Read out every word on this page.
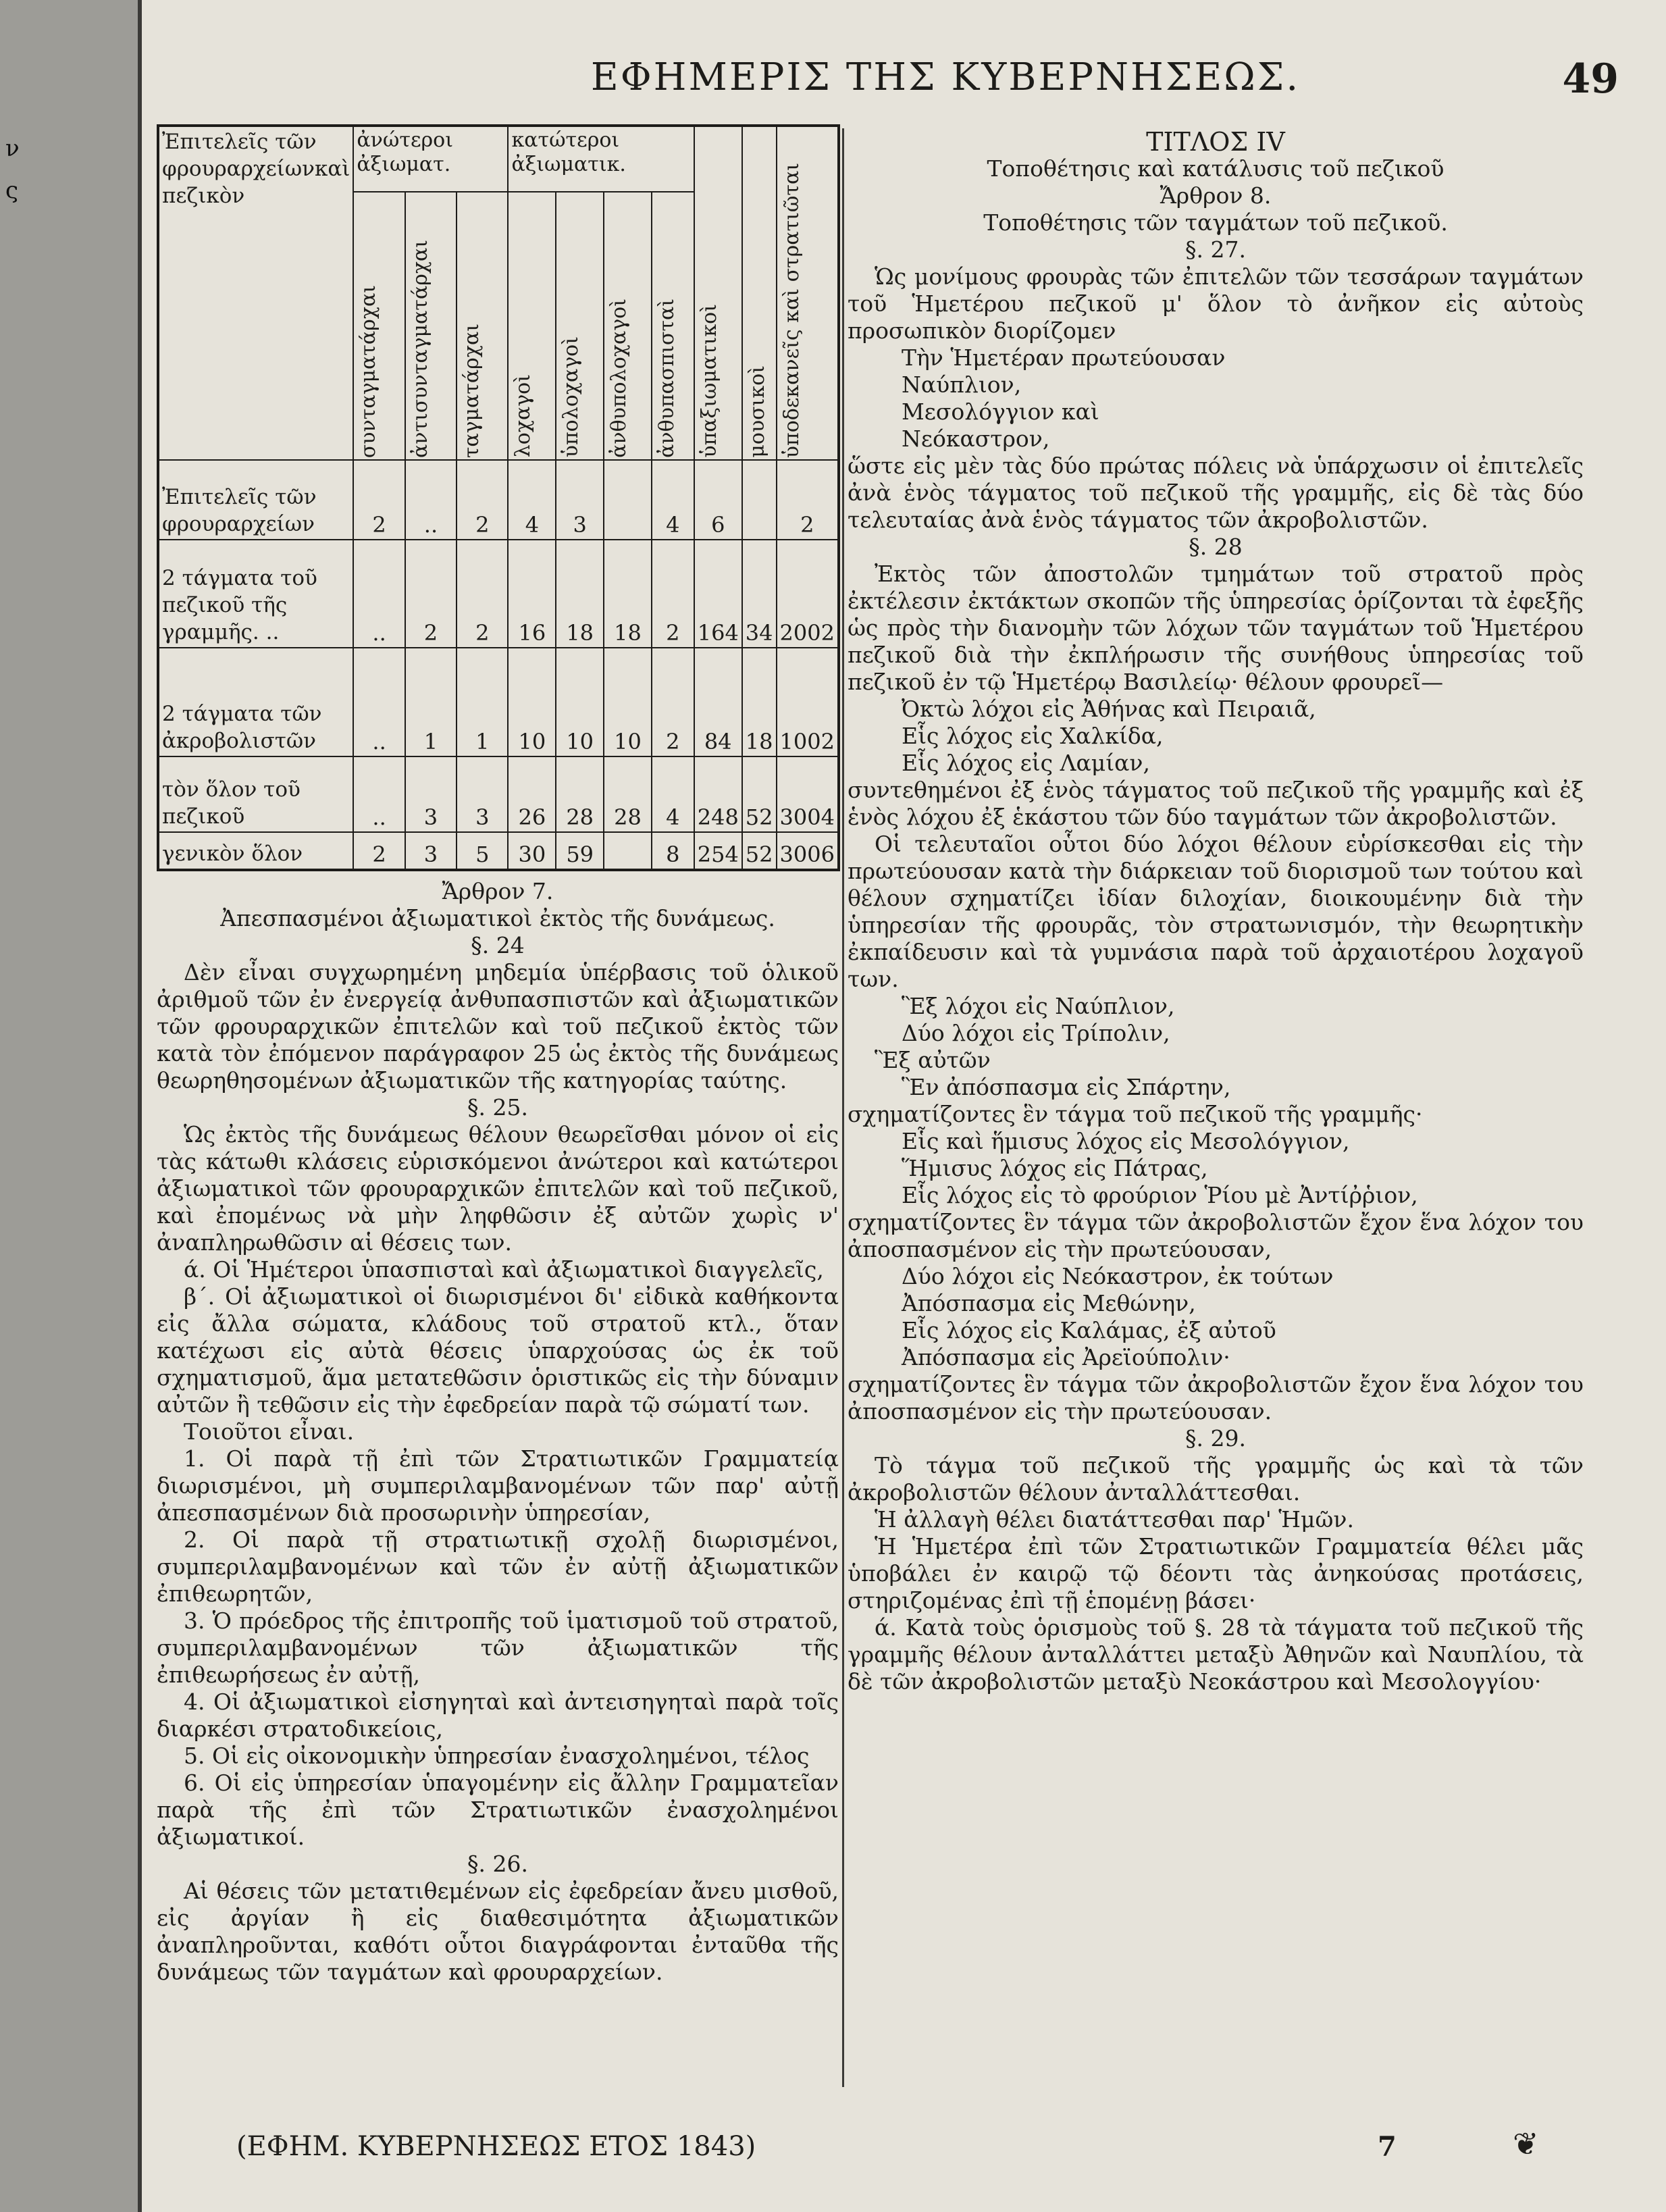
ν
ς
ΕΦΗΜΕΡΙΣ ΤΗΣ ΚΥΒΕΡΝΗΣΕΩΣ.	49
Ἐπιτελεῖς τῶν φρουραρχείωνκαὶ πεζικὸν	ἀνώτεροι ἀξιωματ.			κατώτεροι ἀξιωματικ.				ὑπαξιωματικοὶ	μουσικοὶ	ὑποδεκανεῖς καὶ στρατιῶται

	συνταγματάρχαι	ἀντισυνταγματάρχαι	ταγματάρχαι	λοχαγοὶ	ὑπολοχαγοὶ	ἀνθυπολοχαγοὶ	ἀνθυπασπισταὶ			

Ἐπιτελεῖς τῶν φρουραρχείων	2	..	2	4	3		4	6		2
2 τάγματα τοῦ πεζικοῦ τῆς γραμμῆς. ..	..	2	2	16	18	18	2	164	34	2002
2 τάγματα τῶν ἀκροβολιστῶν	..	1	1	10	10	10	2	84	18	1002
τὸν ὅλον τοῦ πεζικοῦ	..	3	3	26	28	28	4	248	52	3004
γενικὸν ὅλον	2	3	5	30	59		8	254	52	3006

Ἄρθρον 7.

Ἀπεσπασμένοι ἀξιωματικοὶ ἐκτὸς τῆς δυνάμεως.

§. 24

Δὲν εἶναι συγχωρημένη μηδεμία ὑπέρβασις τοῦ ὁλικοῦ ἀριθμοῦ τῶν ἐν ἐνεργείᾳ ἀνθυπασπιστῶν καὶ ἀξιωματικῶν τῶν φρουραρχικῶν ἐπιτελῶν καὶ τοῦ πεζικοῦ ἐκτὸς τῶν κατὰ τὸν ἐπόμενον παράγραφον 25 ὡς ἐκτὸς τῆς δυνάμεως θεωρηθησομένων ἀξιωματικῶν τῆς κατηγορίας ταύτης.

§. 25.

Ὡς ἐκτὸς τῆς δυνάμεως θέλουν θεωρεῖσθαι μόνον οἱ εἰς τὰς κάτωθι κλάσεις εὑρισκόμενοι ἀνώτεροι καὶ κατώτεροι ἀξιωματικοὶ τῶν φρουραρχικῶν ἐπιτελῶν καὶ τοῦ πεζικοῦ, καὶ ἐπομένως νὰ μὴν ληφθῶσιν ἐξ αὐτῶν χωρὶς ν' ἀναπληρωθῶσιν αἱ θέσεις των.

ά. Οἱ Ἡμέτεροι ὑπασπισταὶ καὶ ἀξιωματικοὶ διαγγελεῖς,

β΄. Οἱ ἀξιωματικοὶ οἱ διωρισμένοι δι' εἰδικὰ καθήκοντα εἰς ἄλλα σώματα, κλάδους τοῦ στρατοῦ κτλ., ὅταν κατέχωσι εἰς αὐτὰ θέσεις ὑπαρχούσας ὡς ἐκ τοῦ σχηματισμοῦ, ἅμα μετατεθῶσιν ὁριστικῶς εἰς τὴν δύναμιν αὐτῶν ἢ τεθῶσιν εἰς τὴν ἐφεδρείαν παρὰ τῷ σώματί των.

Τοιοῦτοι εἶναι.

1. Οἱ παρὰ τῇ ἐπὶ τῶν Στρατιωτικῶν Γραμματείᾳ διωρισμένοι, μὴ συμπεριλαμβανομένων τῶν παρ' αὐτῇ ἀπεσπασμένων διὰ προσωρινὴν ὑπηρεσίαν,

2. Οἱ παρὰ τῇ στρατιωτικῇ σχολῇ διωρισμένοι, συμπεριλαμβανομένων καὶ τῶν ἐν αὐτῇ ἀξιωματικῶν ἐπιθεωρητῶν,

3. Ὁ πρόεδρος τῆς ἐπιτροπῆς τοῦ ἱματισμοῦ τοῦ στρατοῦ, συμπεριλαμβανομένων τῶν ἀξιωματικῶν τῆς ἐπιθεωρήσεως ἐν αὐτῇ,

4. Οἱ ἀξιωματικοὶ εἰσηγηταὶ καὶ ἀντεισηγηταὶ παρὰ τοῖς διαρκέσι στρατοδικείοις,

5. Οἱ εἰς οἰκονομικὴν ὑπηρεσίαν ἐνασχολημένοι, τέλος

6. Οἱ εἰς ὑπηρεσίαν ὑπαγομένην εἰς ἄλλην Γραμματεῖαν παρὰ τῆς ἐπὶ τῶν Στρατιωτικῶν ἐνασχολημένοι ἀξιωματικοί.

§. 26.

Αἱ θέσεις τῶν μετατιθεμένων εἰς ἐφεδρείαν ἄνευ μισθοῦ, εἰς ἀργίαν ἢ εἰς διαθεσιμότητα ἀξιωματικῶν ἀναπληροῦνται, καθότι οὗτοι διαγράφονται ἐνταῦθα τῆς δυνάμεως τῶν ταγμάτων καὶ φρουραρχείων.

ΤΙΤΛΟΣ IV

Τοποθέτησις καὶ κατάλυσις τοῦ πεζικοῦ

Ἄρθρον 8.

Τοποθέτησις τῶν ταγμάτων τοῦ πεζικοῦ.

§. 27.

Ὡς μονίμους φρουρὰς τῶν ἐπιτελῶν τῶν τεσσάρων ταγμάτων τοῦ Ἡμετέρου πεζικοῦ μ' ὅλον τὸ ἀνῆκον εἰς αὐτοὺς προσωπικὸν διορίζομεν

Τὴν Ἡμετέραν πρωτεύουσαν

Ναύπλιον,

Μεσολόγγιον καὶ

Νεόκαστρον,

ὥστε εἰς μὲν τὰς δύο πρώτας πόλεις νὰ ὑπάρχωσιν οἱ ἐπιτελεῖς ἀνὰ ἑνὸς τάγματος τοῦ πεζικοῦ τῆς γραμμῆς, εἰς δὲ τὰς δύο τελευταίας ἀνὰ ἑνὸς τάγματος τῶν ἀκροβολιστῶν.

§. 28

Ἐκτὸς τῶν ἀποστολῶν τμημάτων τοῦ στρατοῦ πρὸς ἐκτέλεσιν ἐκτάκτων σκοπῶν τῆς ὑπηρεσίας ὁρίζονται τὰ ἐφεξῆς ὡς πρὸς τὴν διανομὴν τῶν λόχων τῶν ταγμάτων τοῦ Ἡμετέρου πεζικοῦ διὰ τὴν ἐκπλήρωσιν τῆς συνήθους ὑπηρεσίας τοῦ πεζικοῦ ἐν τῷ Ἡμετέρῳ Βασιλείῳ· θέλουν φρουρεῖ—

Ὀκτὼ λόχοι εἰς Ἀθήνας καὶ Πειραιᾶ,

Εἷς λόχος εἰς Χαλκίδα,

Εἷς λόχος εἰς Λαμίαν,

συντεθημένοι ἐξ ἑνὸς τάγματος τοῦ πεζικοῦ τῆς γραμμῆς καὶ ἐξ ἑνὸς λόχου ἐξ ἑκάστου τῶν δύο ταγμάτων τῶν ἀκροβολιστῶν.

Οἱ τελευταῖοι οὗτοι δύο λόχοι θέλουν εὑρίσκεσθαι εἰς τὴν πρωτεύουσαν κατὰ τὴν διάρκειαν τοῦ διορισμοῦ των τούτου καὶ θέλουν σχηματίζει ἰδίαν διλοχίαν, διοικουμένην διὰ τὴν ὑπηρεσίαν τῆς φρουρᾶς, τὸν στρατωνισμόν, τὴν θεωρητικὴν ἐκπαίδευσιν καὶ τὰ γυμνάσια παρὰ τοῦ ἀρχαιοτέρου λοχαγοῦ των.

Ἓξ λόχοι εἰς Ναύπλιον,

Δύο λόχοι εἰς Τρίπολιν,

Ἓξ αὐτῶν

Ἓν ἀπόσπασμα εἰς Σπάρτην,

σχηματίζοντες ἓν τάγμα τοῦ πεζικοῦ τῆς γραμμῆς·

Εἷς καὶ ἥμισυς λόχος εἰς Μεσολόγγιον,

Ἥμισυς λόχος εἰς Πάτρας,

Εἷς λόχος εἰς τὸ φρούριον Ῥίου μὲ Ἀντίῤῥιον,

σχηματίζοντες ἓν τάγμα τῶν ἀκροβολιστῶν ἔχον ἕνα λόχον του ἀποσπασμένον εἰς τὴν πρωτεύουσαν,

Δύο λόχοι εἰς Νεόκαστρον, ἐκ τούτων

Ἀπόσπασμα εἰς Μεθώνην,

Εἷς λόχος εἰς Καλάμας, ἐξ αὐτοῦ

Ἀπόσπασμα εἰς Ἀρεϊούπολιν·

σχηματίζοντες ἓν τάγμα τῶν ἀκροβολιστῶν ἔχον ἕνα λόχον του ἀποσπασμένον εἰς τὴν πρωτεύουσαν.

§. 29.

Τὸ τάγμα τοῦ πεζικοῦ τῆς γραμμῆς ὡς καὶ τὰ τῶν ἀκροβολιστῶν θέλουν ἀνταλλάττεσθαι.

Ἡ ἀλλαγὴ θέλει διατάττεσθαι παρ' Ἡμῶν.

Ἡ Ἡμετέρα ἐπὶ τῶν Στρατιωτικῶν Γραμματεία θέλει μᾶς ὑποβάλει ἐν καιρῷ τῷ δέοντι τὰς ἀνηκούσας προτάσεις, στηριζομένας ἐπὶ τῇ ἑπομένῃ βάσει·

ά. Κατὰ τοὺς ὁρισμοὺς τοῦ §. 28 τὰ τάγματα τοῦ πεζικοῦ τῆς γραμμῆς θέλουν ἀνταλλάττει μεταξὺ Ἀθηνῶν καὶ Ναυπλίου, τὰ δὲ τῶν ἀκροβολιστῶν μεταξὺ Νεοκάστρου καὶ Μεσολογγίου·

(ΕΦΗΜ. ΚΥΒΕΡΝΗΣΕΩΣ ΕΤΟΣ 1843)	7	❦
